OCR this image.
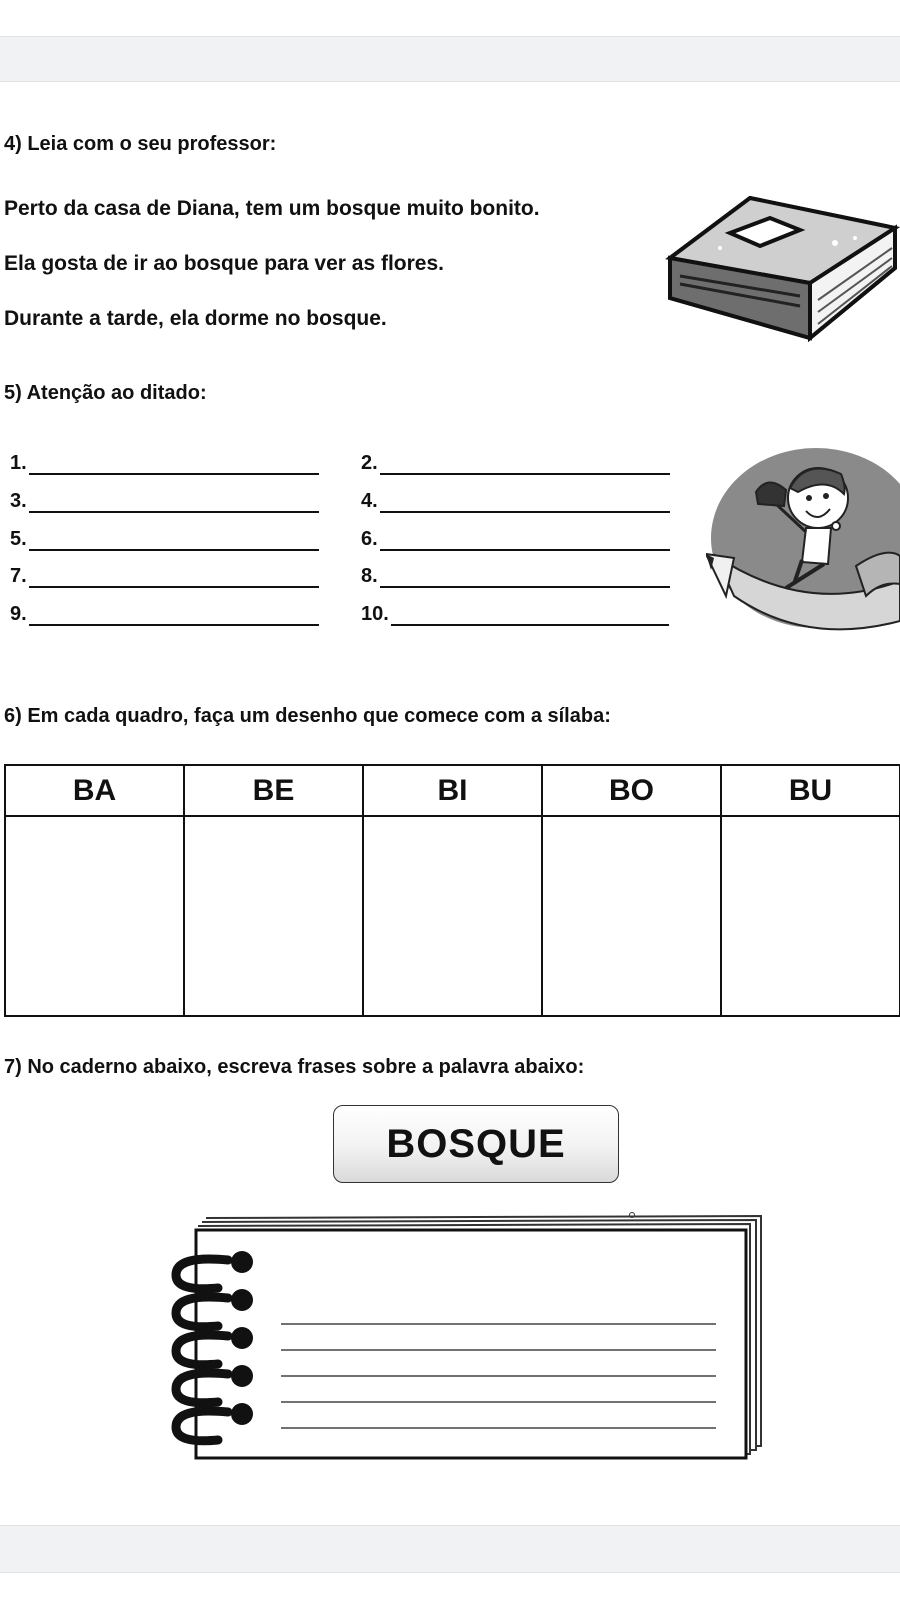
4) Leia com o seu professor:

Perto da casa de Diana, tem um bosque muito bonito.

Ela gosta de ir ao bosque para ver as flores.

Durante a tarde, ela dorme no bosque.

5) Atenção ao ditado:

1.	2.
3.	4.
5.	6.
7.	8.
9.	10.

6) Em cada quadro, faça um desenho que comece com a sílaba:

BA	BE	BI	BO	BU

7) No caderno abaixo, escreva frases sobre a palavra abaixo:

BOSQUE
